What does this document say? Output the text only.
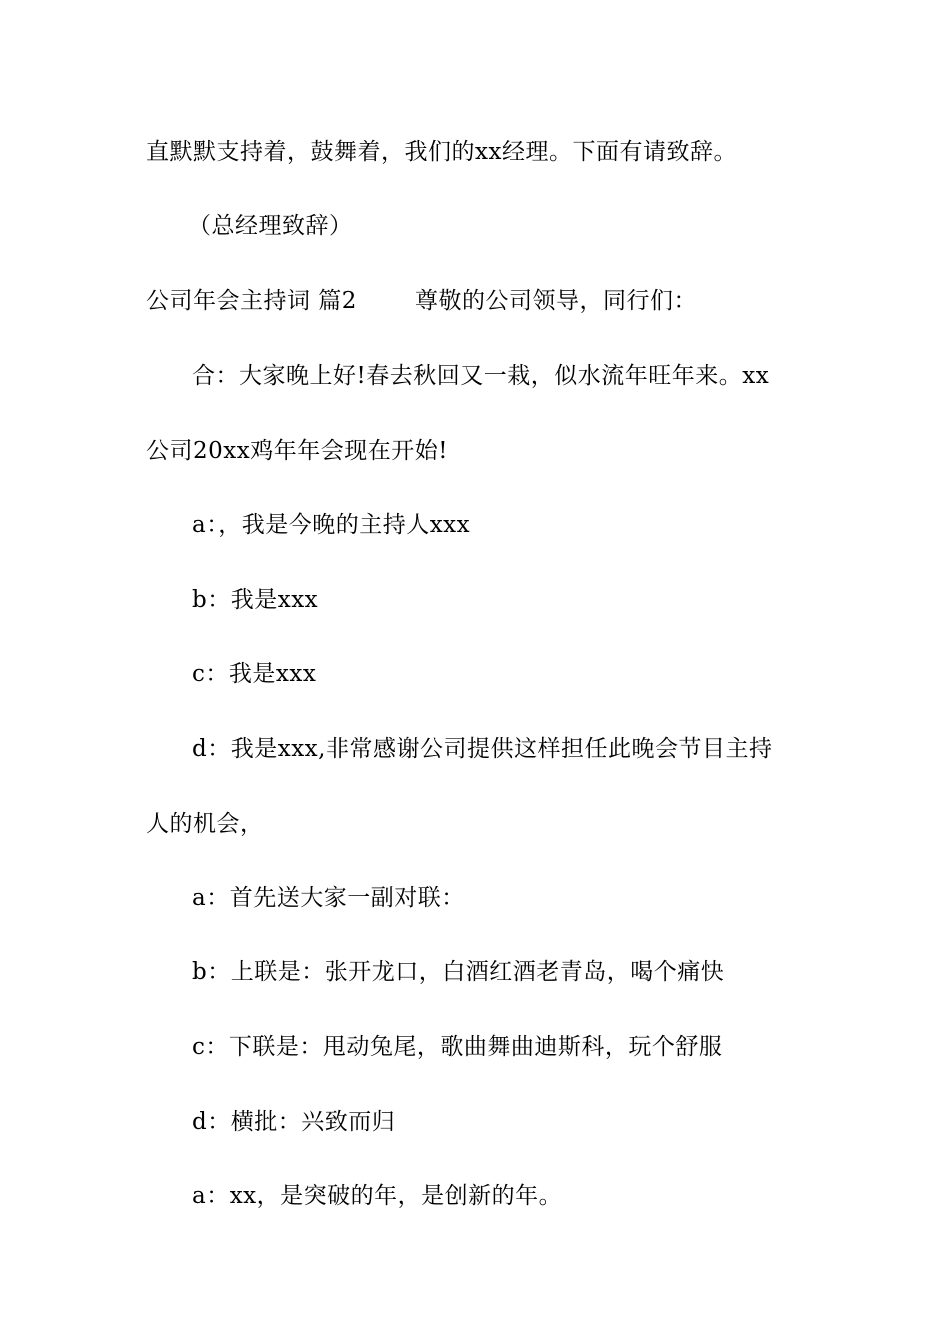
直默默支持着，鼓舞着，我们的xx经理。下面有请致辞。
（总经理致辞）
公司年会主持词 篇2	尊敬的公司领导，同行们：
合：大家晚上好!春去秋回又一栽，似水流年旺年来。xx
公司20xx鸡年年会现在开始!
a：，我是今晚的主持人xxx
b：我是xxx
c：我是xxx
d：我是xxx,非常感谢公司提供这样担任此晚会节目主持
人的机会，
a：首先送大家一副对联：
b：上联是：张开龙口，白酒红酒老青岛，喝个痛快
c：下联是：甩动兔尾，歌曲舞曲迪斯科，玩个舒服
d：横批：兴致而归
a：xx，是突破的年，是创新的年。
